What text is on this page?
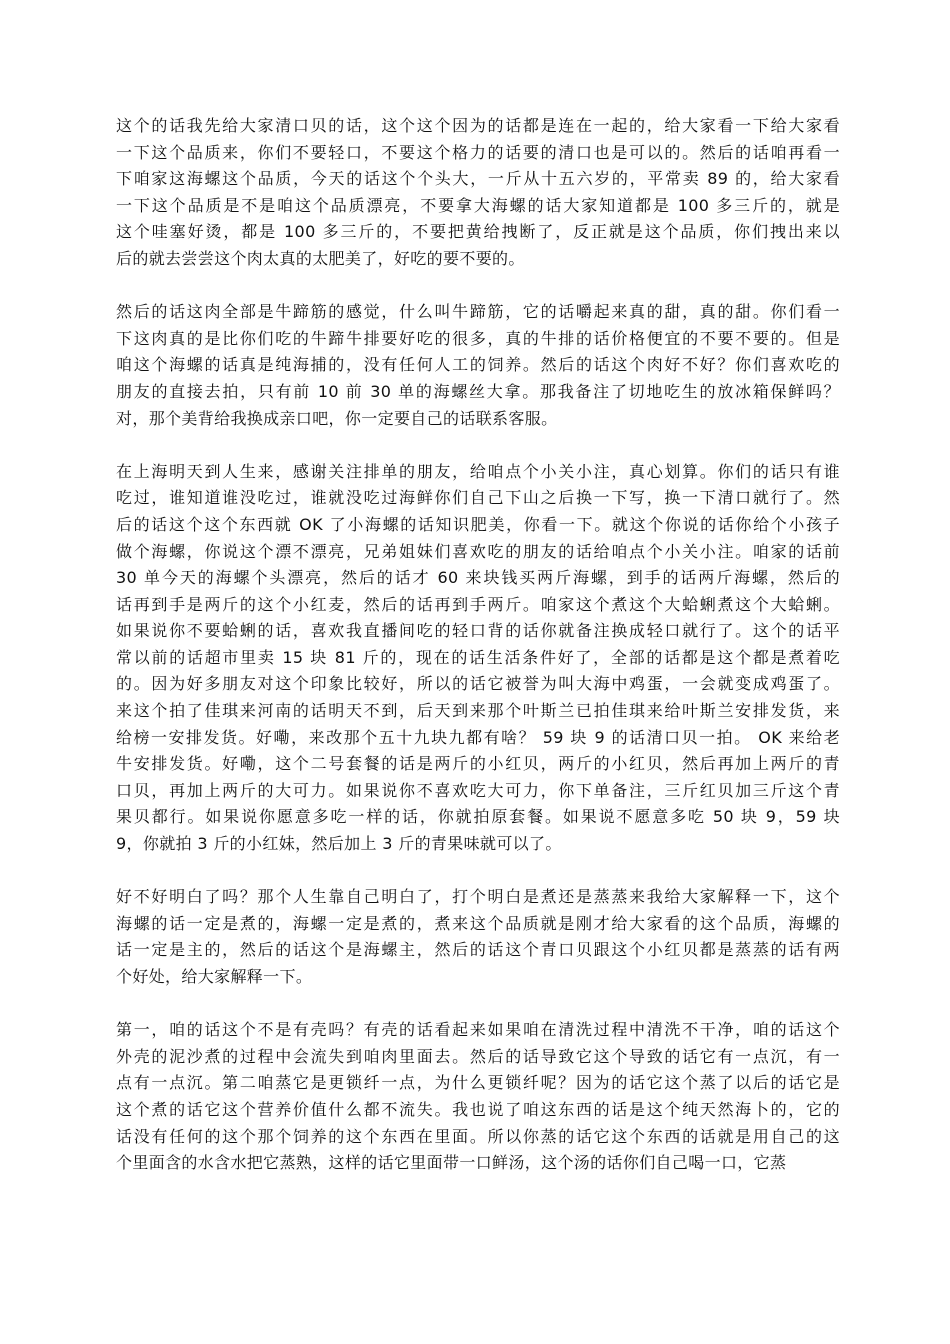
这个的话我先给大家清口贝的话，这个这个因为的话都是连在一起的，给大家看一下给大家看
一下这个品质来，你们不要轻口，不要这个格力的话要的清口也是可以的。然后的话咱再看一
下咱家这海螺这个品质，今天的话这个个头大，一斤从十五六岁的，平常卖 89 的，给大家看
一下这个品质是不是咱这个品质漂亮，不要拿大海螺的话大家知道都是 100 多三斤的，就是
这个哇塞好烫，都是 100 多三斤的，不要把黄给拽断了，反正就是这个品质，你们拽出来以
后的就去尝尝这个肉太真的太肥美了，好吃的要不要的。
然后的话这肉全部是牛蹄筋的感觉，什么叫牛蹄筋，它的话嚼起来真的甜，真的甜。你们看一
下这肉真的是比你们吃的牛蹄牛排要好吃的很多，真的牛排的话价格便宜的不要不要的。但是
咱这个海螺的话真是纯海捕的，没有任何人工的饲养。然后的话这个肉好不好？你们喜欢吃的
朋友的直接去拍，只有前 10 前 30 单的海螺丝大拿。那我备注了切地吃生的放冰箱保鲜吗？
对，那个美背给我换成亲口吧，你一定要自己的话联系客服。
在上海明天到人生来，感谢关注排单的朋友，给咱点个小关小注，真心划算。你们的话只有谁
吃过，谁知道谁没吃过，谁就没吃过海鲜你们自己下山之后换一下写，换一下清口就行了。然
后的话这个这个东西就 OK 了小海螺的话知识肥美，你看一下。就这个你说的话你给个小孩子
做个海螺，你说这个漂不漂亮，兄弟姐妹们喜欢吃的朋友的话给咱点个小关小注。咱家的话前
30 单今天的海螺个头漂亮，然后的话才 60 来块钱买两斤海螺，到手的话两斤海螺，然后的
话再到手是两斤的这个小红麦，然后的话再到手两斤。咱家这个煮这个大蛤蜊煮这个大蛤蜊。
如果说你不要蛤蜊的话，喜欢我直播间吃的轻口背的话你就备注换成轻口就行了。这个的话平
常以前的话超市里卖 15 块 81 斤的，现在的话生活条件好了，全部的话都是这个都是煮着吃
的。因为好多朋友对这个印象比较好，所以的话它被誉为叫大海中鸡蛋，一会就变成鸡蛋了。
来这个拍了佳琪来河南的话明天不到，后天到来那个叶斯兰已拍佳琪来给叶斯兰安排发货，来
给榜一安排发货。好嘞，来改那个五十九块九都有啥？ 59 块 9 的话清口贝一拍。 OK 来给老
牛安排发货。好嘞，这个二号套餐的话是两斤的小红贝，两斤的小红贝，然后再加上两斤的青
口贝，再加上两斤的大可力。如果说你不喜欢吃大可力，你下单备注，三斤红贝加三斤这个青
果贝都行。如果说你愿意多吃一样的话，你就拍原套餐。如果说不愿意多吃 50 块 9，59 块
9，你就拍 3 斤的小红妹，然后加上 3 斤的青果味就可以了。
好不好明白了吗？那个人生靠自己明白了，打个明白是煮还是蒸蒸来我给大家解释一下，这个
海螺的话一定是煮的，海螺一定是煮的，煮来这个品质就是刚才给大家看的这个品质，海螺的
话一定是主的，然后的话这个是海螺主，然后的话这个青口贝跟这个小红贝都是蒸蒸的话有两
个好处，给大家解释一下。
第一，咱的话这个不是有壳吗？有壳的话看起来如果咱在清洗过程中清洗不干净，咱的话这个
外壳的泥沙煮的过程中会流失到咱肉里面去。然后的话导致它这个导致的话它有一点沉，有一
点有一点沉。第二咱蒸它是更锁纤一点，为什么更锁纤呢？因为的话它这个蒸了以后的话它是
这个煮的话它这个营养价值什么都不流失。我也说了咱这东西的话是这个纯天然海卜的，它的
话没有任何的这个那个饲养的这个东西在里面。所以你蒸的话它这个东西的话就是用自己的这
个里面含的水含水把它蒸熟，这样的话它里面带一口鲜汤，这个汤的话你们自己喝一口，它蒸
